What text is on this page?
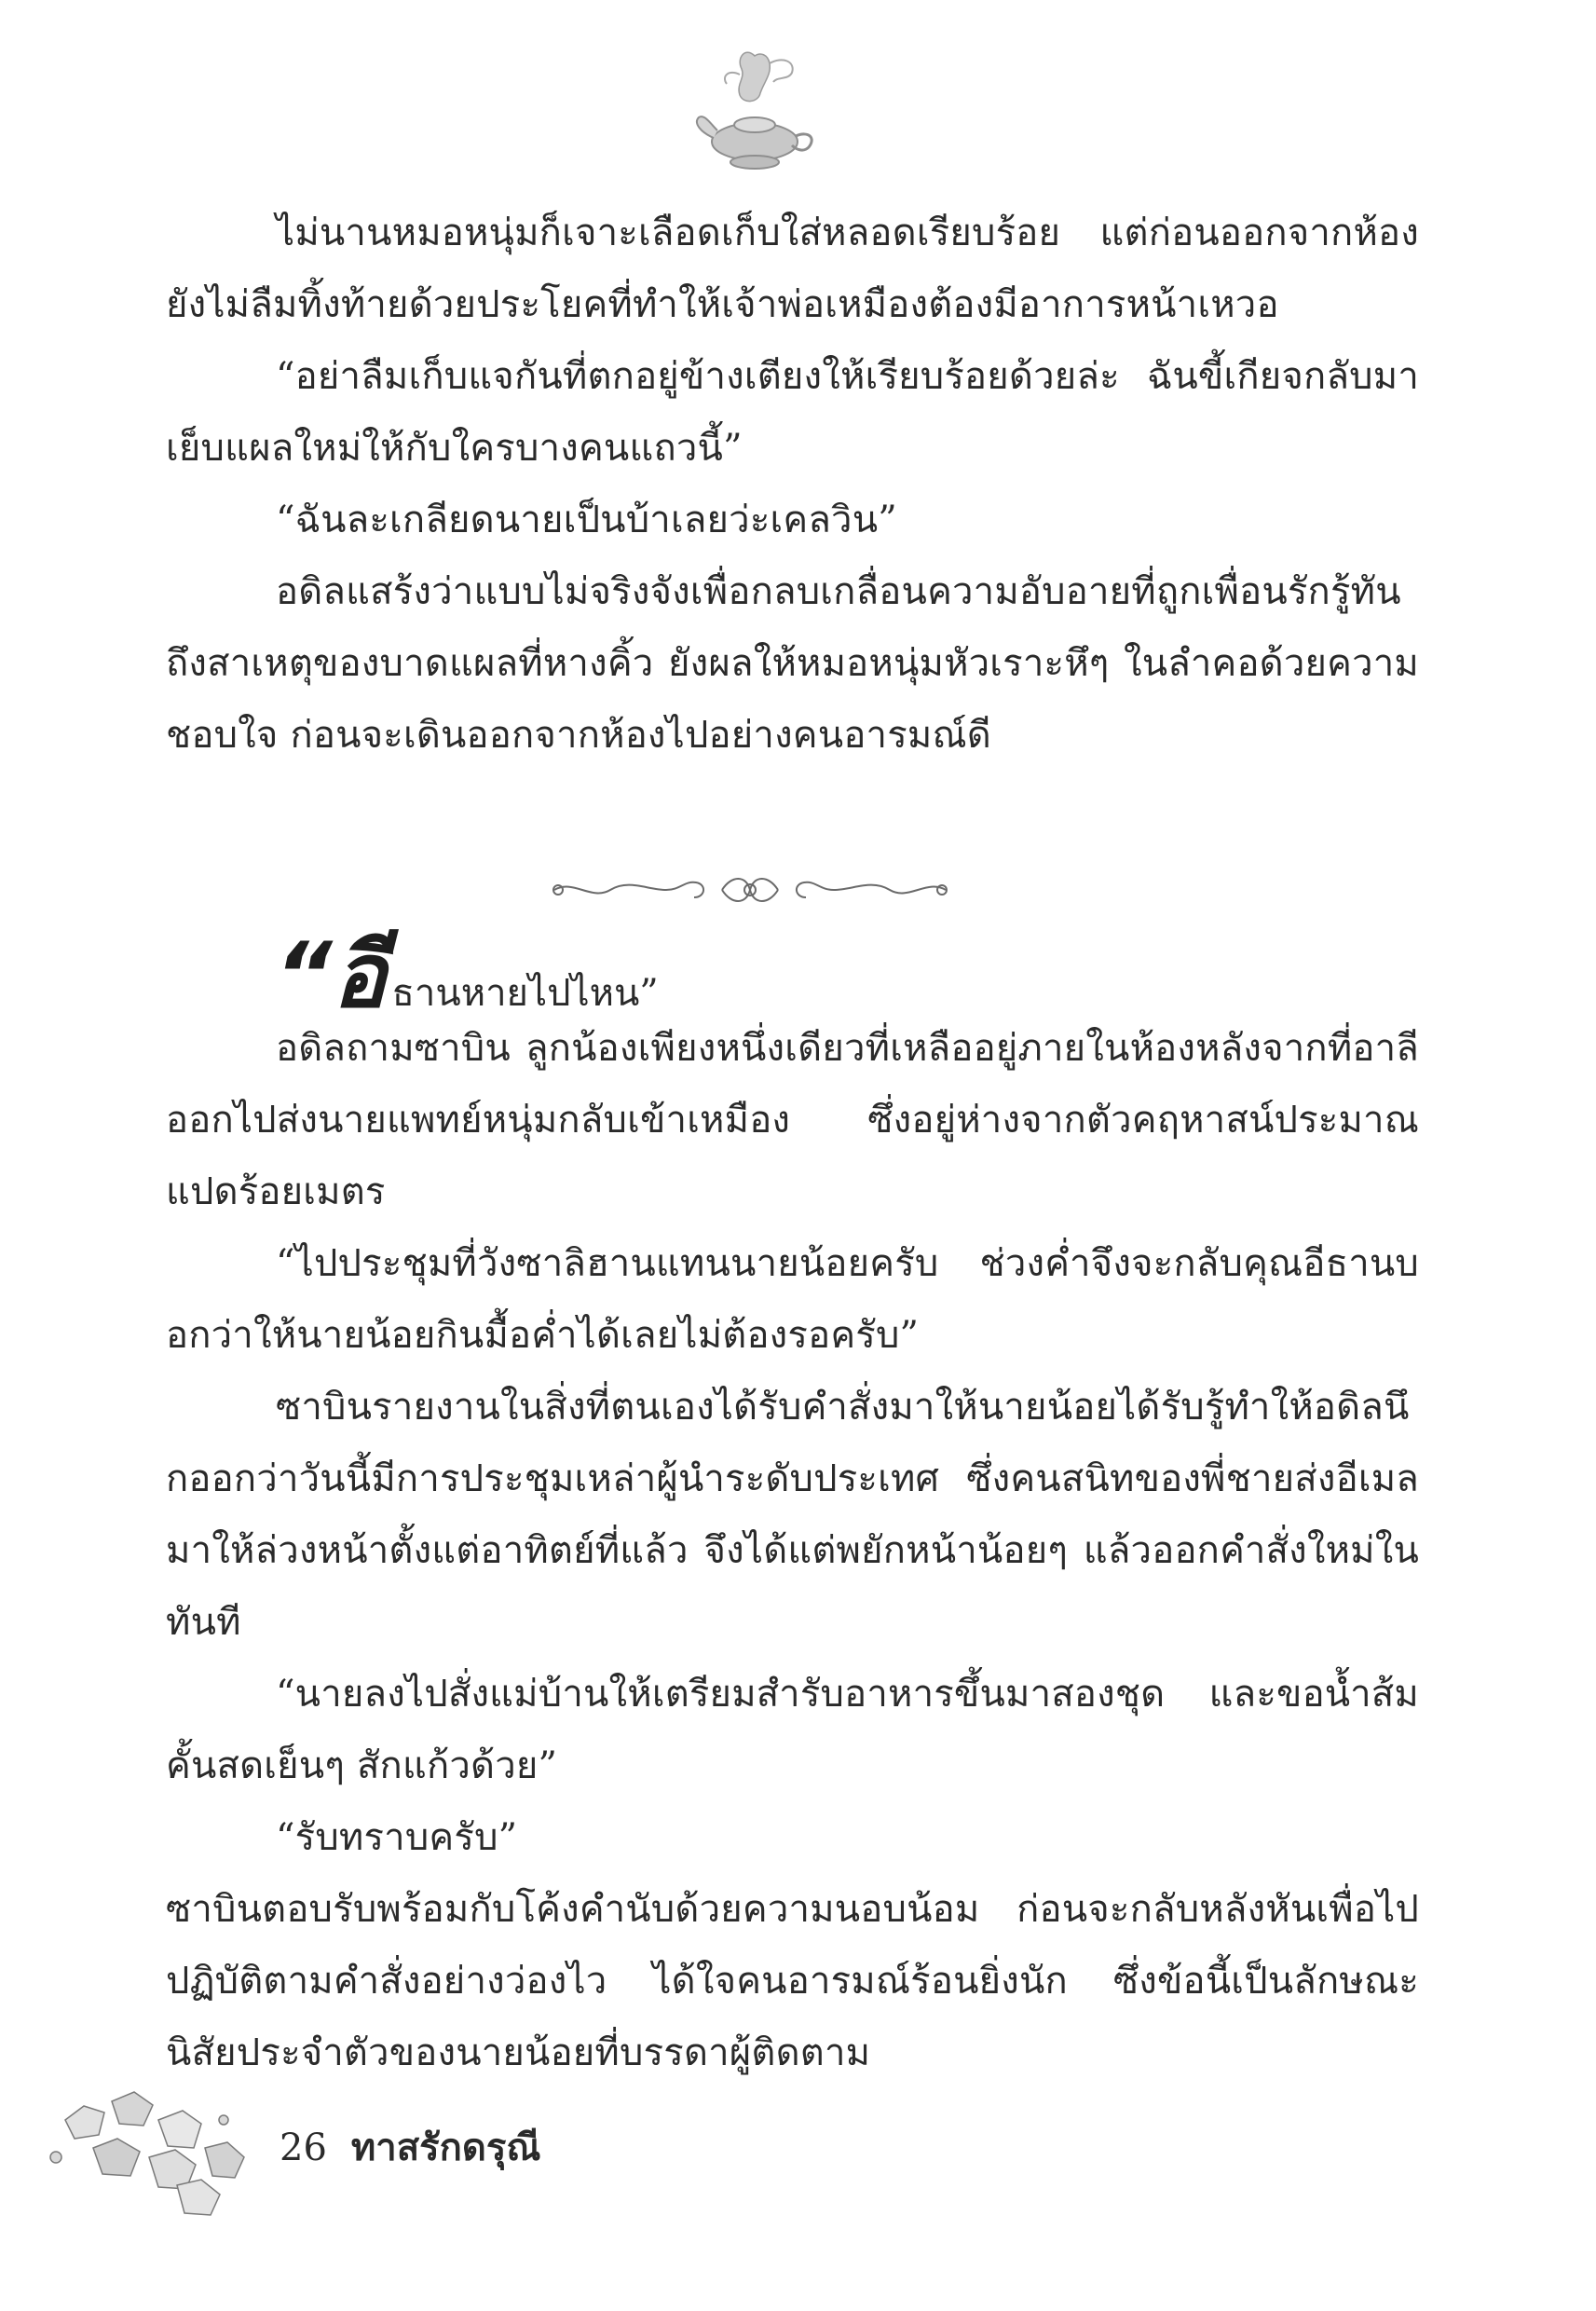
ไม่นานหมอหนุ่มก็เจาะเลือดเก็บใส่หลอดเรียบร้อย แต่ก่อนออกจากห้องยังไม่ลืมทิ้งท้ายด้วยประโยคที่ทำให้เจ้าพ่อเหมืองต้องมีอาการหน้าเหวอ

“อย่าลืมเก็บแจกันที่ตกอยู่ข้างเตียงให้เรียบร้อยด้วยล่ะ ฉันขี้เกียจกลับมาเย็บแผลใหม่ให้กับใครบางคนแถวนี้”

“ฉันละเกลียดนายเป็นบ้าเลยว่ะเคลวิน”

อดิลแสร้งว่าแบบไม่จริงจังเพื่อกลบเกลื่อนความอับอายที่ถูกเพื่อนรักรู้ทันถึงสาเหตุของบาดแผลที่หางคิ้ว ยังผลให้หมอหนุ่มหัวเราะหึๆ ในลำคอด้วยความชอบใจ ก่อนจะเดินออกจากห้องไปอย่างคนอารมณ์ดี

“อี ธานหายไปไหน”

อดิลถามซาบิน ลูกน้องเพียงหนึ่งเดียวที่เหลืออยู่ภายในห้องหลังจากที่อาลีออกไปส่งนายแพทย์หนุ่มกลับเข้าเหมือง ซึ่งอยู่ห่างจากตัวคฤหาสน์ประมาณแปดร้อยเมตร

“ไปประชุมที่วังซาลิฮานแทนนายน้อยครับ ช่วงค่ำจึงจะกลับคุณอีธานบอกว่าให้นายน้อยกินมื้อค่ำได้เลยไม่ต้องรอครับ”

ซาบินรายงานในสิ่งที่ตนเองได้รับคำสั่งมาให้นายน้อยได้รับรู้ทำให้อดิลนึกออกว่าวันนี้มีการประชุมเหล่าผู้นำระดับประเทศ ซึ่งคนสนิทของพี่ชายส่งอีเมลมาให้ล่วงหน้าตั้งแต่อาทิตย์ที่แล้ว จึงได้แต่พยักหน้าน้อยๆ แล้วออกคำสั่งใหม่ในทันที

“นายลงไปสั่งแม่บ้านให้เตรียมสำรับอาหารขึ้นมาสองชุด และขอน้ำส้มคั้นสดเย็นๆ สักแก้วด้วย”

“รับทราบครับ”

ซาบินตอบรับพร้อมกับโค้งคำนับด้วยความนอบน้อม ก่อนจะกลับหลังหันเพื่อไปปฏิบัติตามคำสั่งอย่างว่องไว ได้ใจคนอารมณ์ร้อนยิ่งนัก ซึ่งข้อนี้เป็นลักษณะนิสัยประจำตัวของนายน้อยที่บรรดาผู้ติดตาม

26 ทาสรักดรุณี
